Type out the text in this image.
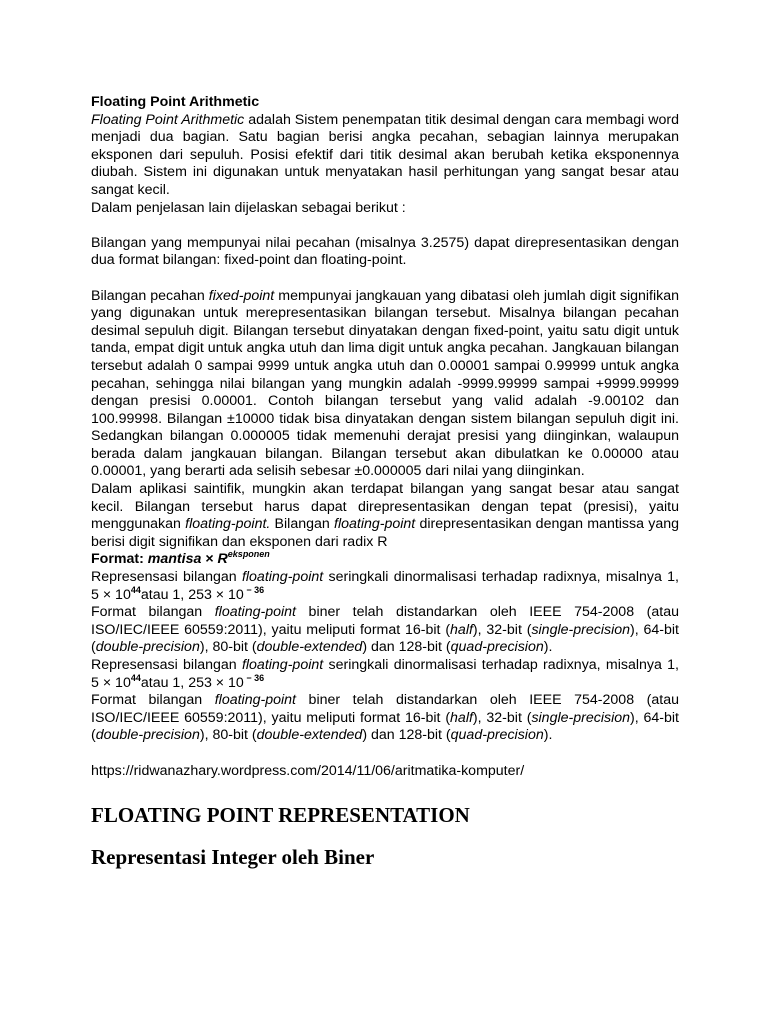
Floating Point Arithmetic

Floating Point Arithmetic adalah Sistem penempatan titik desimal dengan cara membagi word menjadi dua bagian. Satu bagian berisi angka pecahan, sebagian lainnya merupakan eksponen dari sepuluh. Posisi efektif dari titik desimal akan berubah ketika eksponennya diubah. Sistem ini digunakan untuk menyatakan hasil perhitungan yang sangat besar atau sangat kecil.

Dalam penjelasan lain dijelaskan sebagai berikut :

Bilangan yang mempunyai nilai pecahan (misalnya 3.2575) dapat direpresentasikan dengan dua format bilangan: fixed-point dan floating-point.

Bilangan pecahan fixed-point mempunyai jangkauan yang dibatasi oleh jumlah digit signifikan yang digunakan untuk merepresentasikan bilangan tersebut. Misalnya bilangan pecahan desimal sepuluh digit. Bilangan tersebut dinyatakan dengan fixed-point, yaitu satu digit untuk tanda, empat digit untuk angka utuh dan lima digit untuk angka pecahan. Jangkauan bilangan tersebut adalah 0 sampai 9999 untuk angka utuh dan 0.00001 sampai 0.99999 untuk angka pecahan, sehingga nilai bilangan yang mungkin adalah -9999.99999 sampai +9999.99999 dengan presisi 0.00001. Contoh bilangan tersebut yang valid adalah -9.00102 dan 100.99998. Bilangan ±10000 tidak bisa dinyatakan dengan sistem bilangan sepuluh digit ini. Sedangkan bilangan 0.000005 tidak memenuhi derajat presisi yang diinginkan, walaupun berada dalam jangkauan bilangan. Bilangan tersebut akan dibulatkan ke 0.00000 atau 0.00001, yang berarti ada selisih sebesar ±0.000005 dari nilai yang diinginkan.

Dalam aplikasi saintifik, mungkin akan terdapat bilangan yang sangat besar atau sangat kecil. Bilangan tersebut harus dapat direpresentasikan dengan tepat (presisi), yaitu menggunakan floating-point. Bilangan floating-point direpresentasikan dengan mantissa yang berisi digit signifikan dan eksponen dari radix R

Format: mantisa × $R^{eksponen}$

Represensasi bilangan floating-point seringkali dinormalisasi terhadap radixnya, misalnya 1, $5 \times 10^{44}atau$ 1, 253 × 10 $^{- 36}$

Format bilangan floating-point biner telah distandarkan oleh IEEE 754-2008 (atau ISO/IEC/IEEE 60559:2011), yaitu meliputi format 16-bit (half), 32-bit (single-precision), 64-bit (double-precision), 80-bit (double-extended) dan 128-bit (quad-precision).

Represensasi bilangan floating-point seringkali dinormalisasi terhadap radixnya, misalnya 1, $5 \times 10^{44}atau$ 1, 253 × 10 $^{- 36}$

Format bilangan floating-point biner telah distandarkan oleh IEEE 754-2008 (atau ISO/IEC/IEEE 60559:2011), yaitu meliputi format 16-bit (half), 32-bit (single-precision), 64-bit (double-precision), 80-bit (double-extended) dan 128-bit (quad-precision).

https://ridwanazhary.wordpress.com/2014/11/06/aritmatika-komputer/

FLOATING POINT REPRESENTATION

Representasi Integer oleh Biner
